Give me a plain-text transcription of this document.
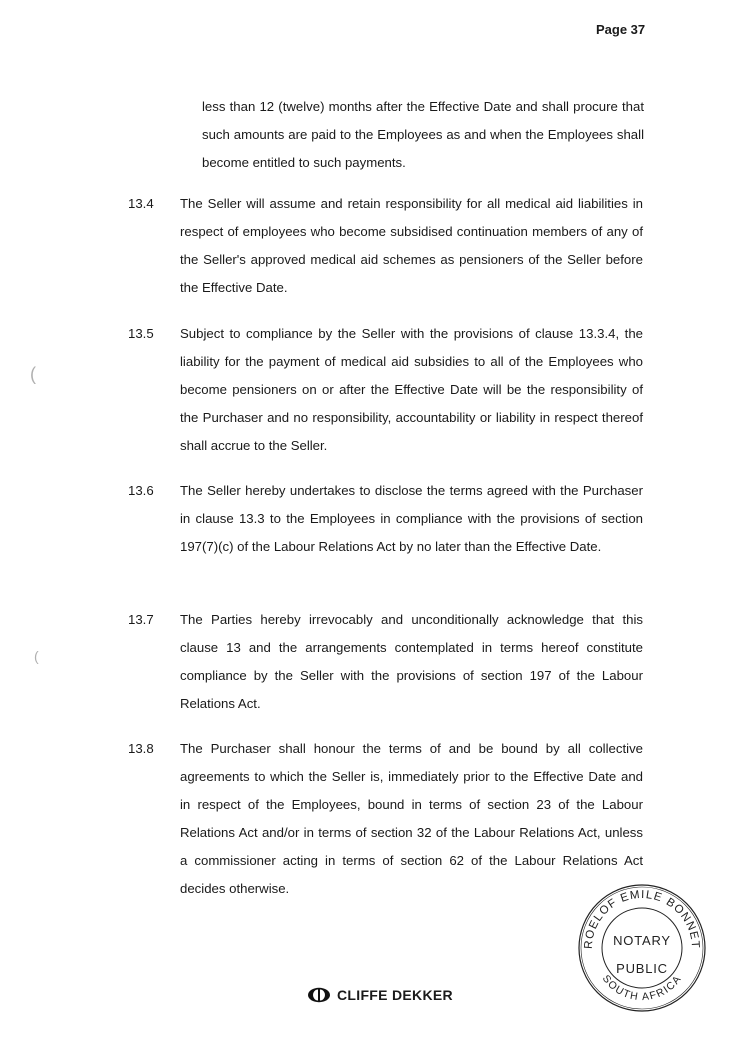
Page 37
less than 12 (twelve) months after the Effective Date and shall procure that such amounts are paid to the Employees as and when the Employees shall become entitled to such payments.
13.4 The Seller will assume and retain responsibility for all medical aid liabilities in respect of employees who become subsidised continuation members of any of the Seller's approved medical aid schemes as pensioners of the Seller before the Effective Date.
13.5 Subject to compliance by the Seller with the provisions of clause 13.3.4, the liability for the payment of medical aid subsidies to all of the Employees who become pensioners on or after the Effective Date will be the responsibility of the Purchaser and no responsibility, accountability or liability in respect thereof shall accrue to the Seller.
13.6 The Seller hereby undertakes to disclose the terms agreed with the Purchaser in clause 13.3 to the Employees in compliance with the provisions of section 197(7)(c) of the Labour Relations Act by no later than the Effective Date.
13.7 The Parties hereby irrevocably and unconditionally acknowledge that this clause 13 and the arrangements contemplated in terms hereof constitute compliance by the Seller with the provisions of section 197 of the Labour Relations Act.
13.8 The Purchaser shall honour the terms of and be bound by all collective agreements to which the Seller is, immediately prior to the Effective Date and in respect of the Employees, bound in terms of section 23 of the Labour Relations Act and/or in terms of section 32 of the Labour Relations Act, unless a commissioner acting in terms of section 62 of the Labour Relations Act decides otherwise.
(
(
ROELOF EMILE BONNET
SOUTH AFRICA
NOTARY
PUBLIC
CLIFFE DEKKER
